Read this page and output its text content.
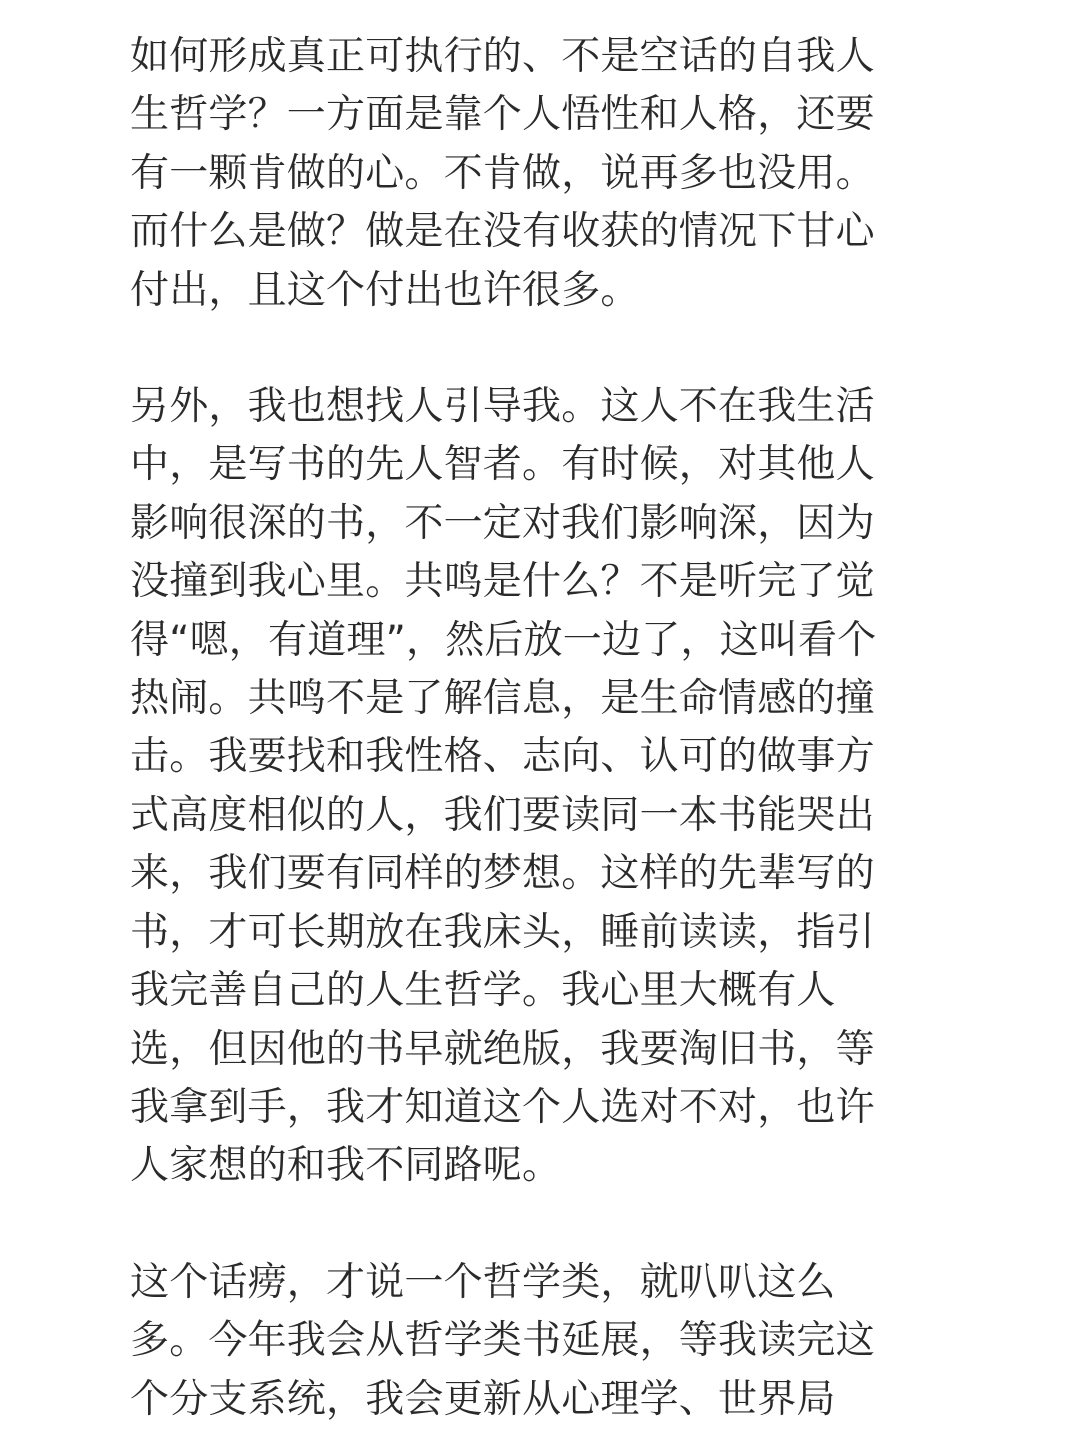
如何形成真正可执行的、不是空话的自我人
生哲学？一方面是靠个人悟性和人格，还要
有一颗肯做的心。不肯做，说再多也没用。
而什么是做？做是在没有收获的情况下甘心
付出，且这个付出也许很多。
另外，我也想找人引导我。这人不在我生活
中，是写书的先人智者。有时候，对其他人
影响很深的书，不一定对我们影响深，因为
没撞到我心里。共鸣是什么？不是听完了觉
得“嗯，有道理”，然后放一边了，这叫看个
热闹。共鸣不是了解信息，是生命情感的撞
击。我要找和我性格、志向、认可的做事方
式高度相似的人，我们要读同一本书能哭出
来，我们要有同样的梦想。这样的先辈写的
书，才可长期放在我床头，睡前读读，指引
我完善自己的人生哲学。我心里大概有人
选，但因他的书早就绝版，我要淘旧书，等
我拿到手，我才知道这个人选对不对，也许
人家想的和我不同路呢。
这个话痨，才说一个哲学类，就叭叭这么
多。今年我会从哲学类书延展，等我读完这
个分支系统，我会更新从心理学、世界局
